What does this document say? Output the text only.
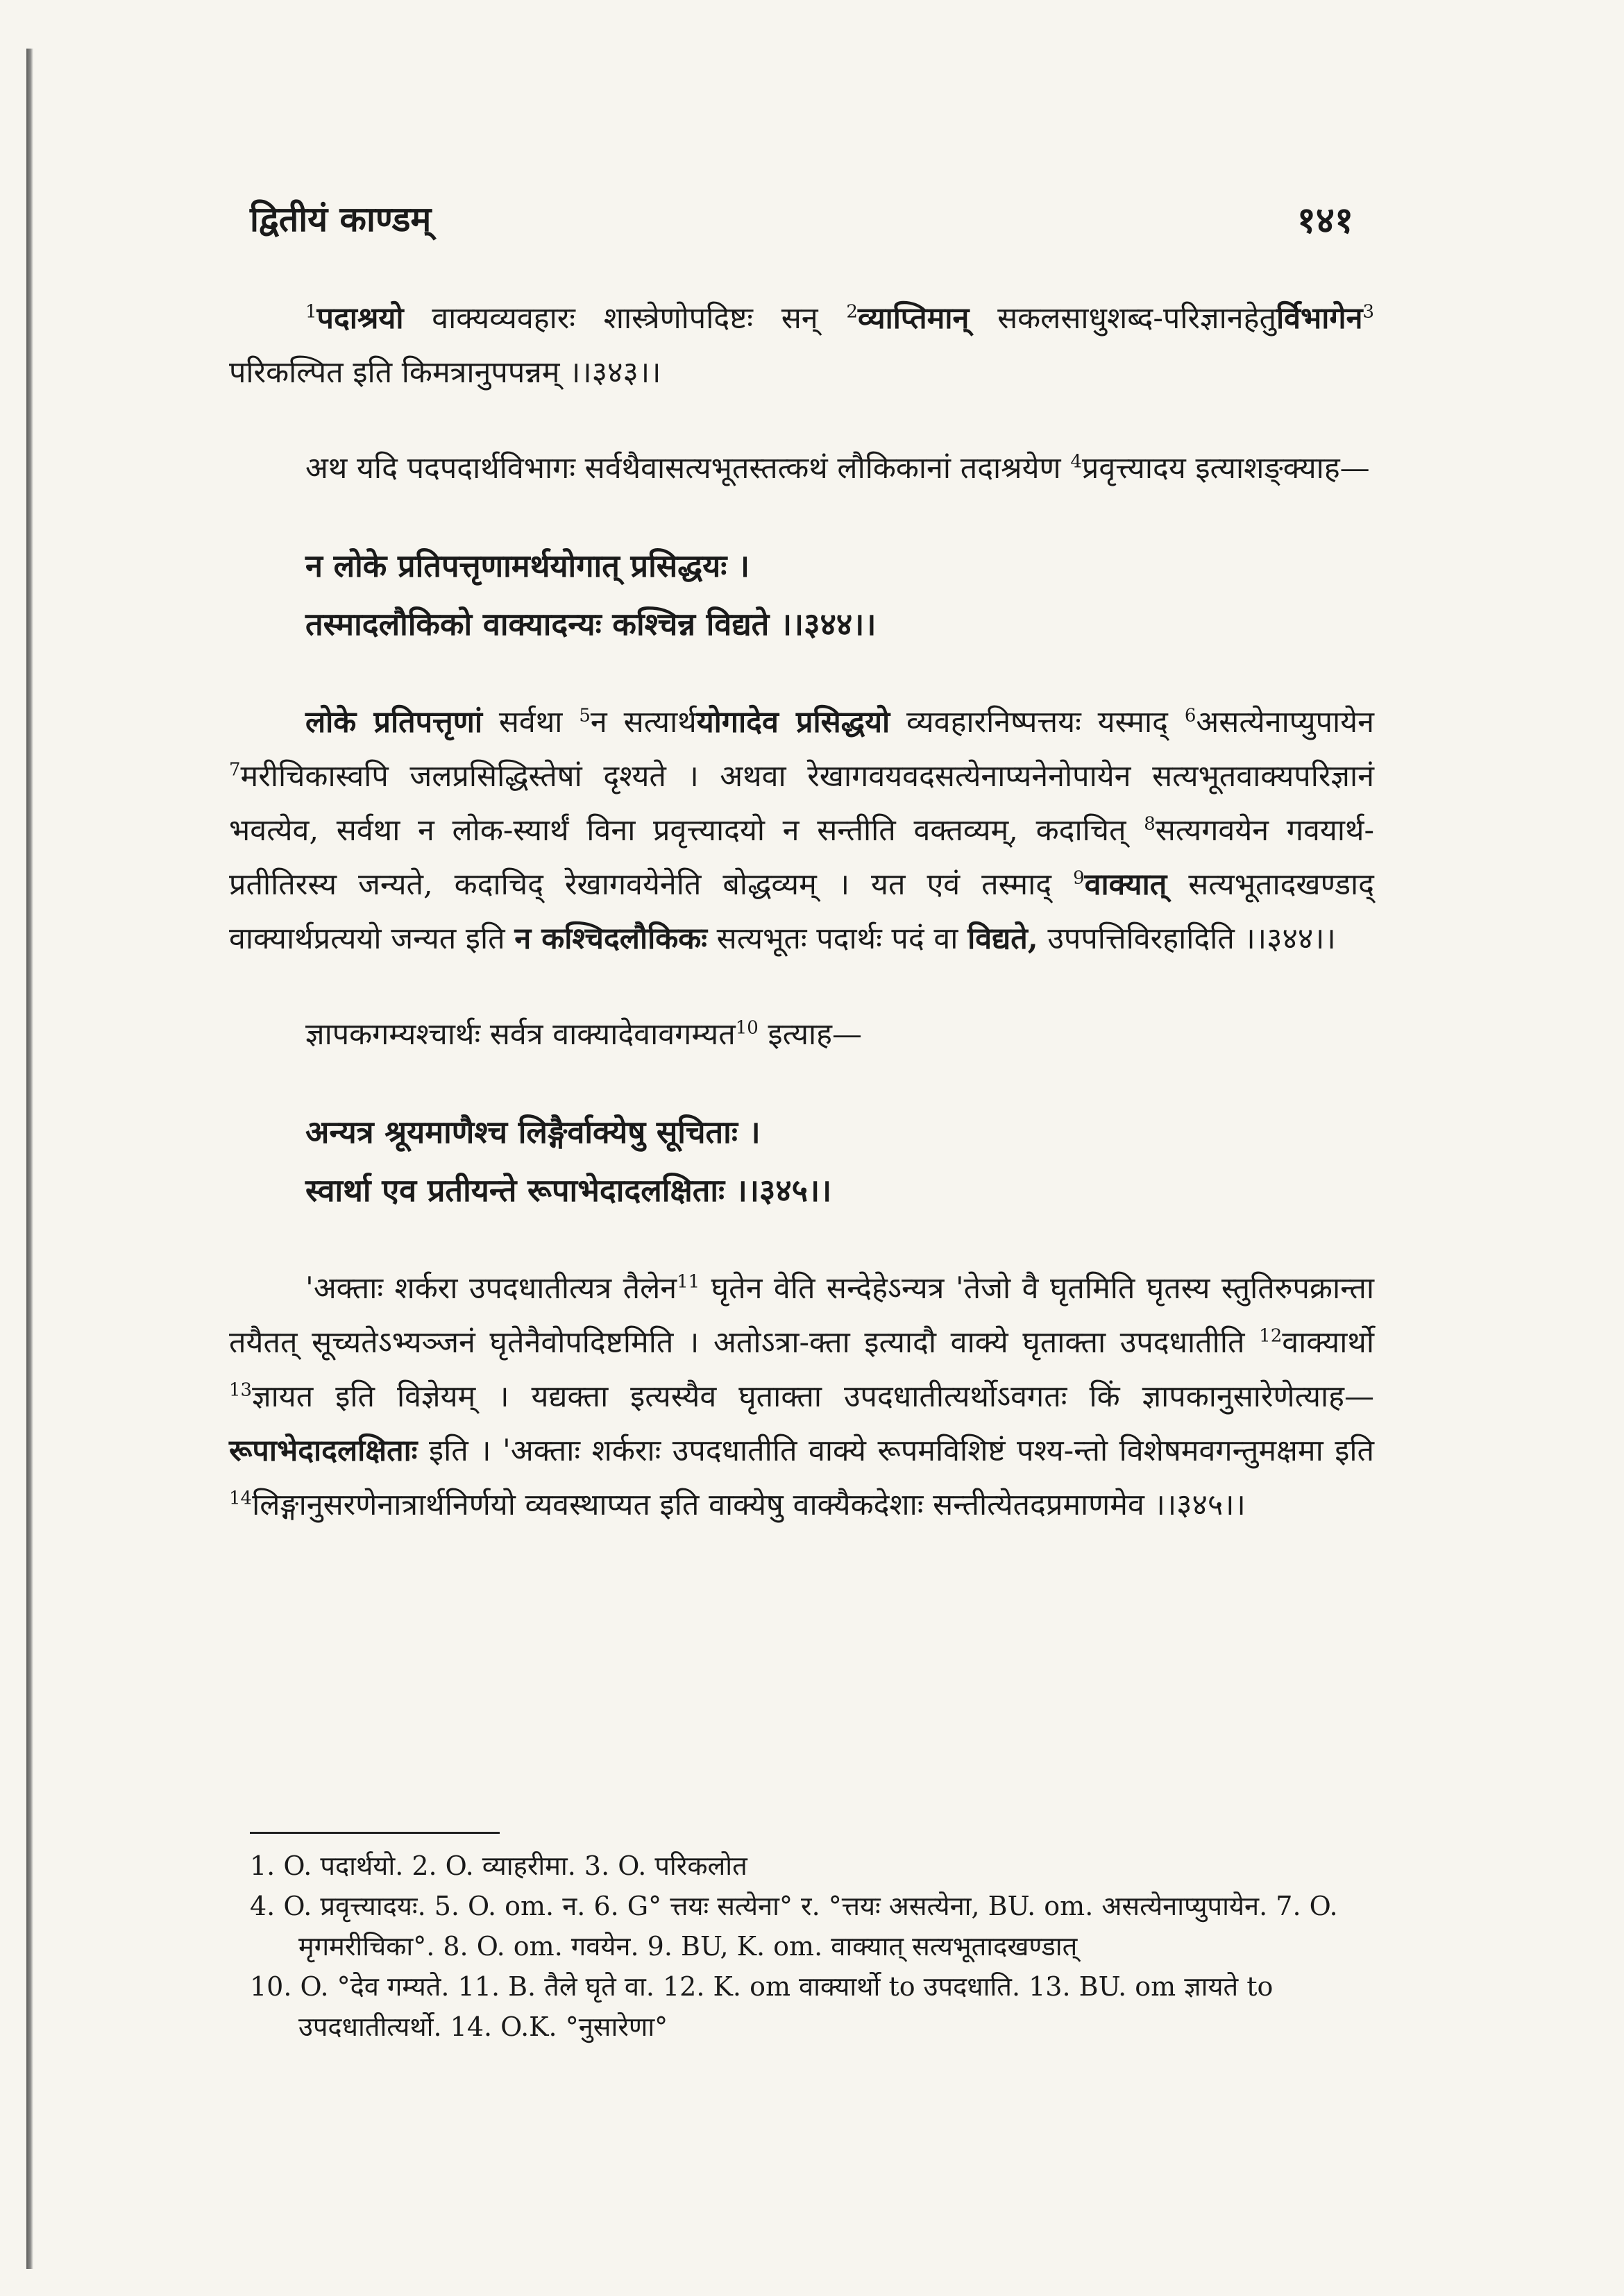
द्वितीयं काण्डम्	१४१

$^1$पदाश्रयो वाक्यव्यवहारः शास्त्रेणोपदिष्टः सन् $^2$व्याप्तिमान् सकलसाधुशब्द-परिज्ञानहेतुर्विभागेन$^3$ परिकल्पित इति किमत्रानुपपन्नम् ।।३४३।।

अथ यदि पदपदार्थविभागः सर्वथैवासत्यभूतस्तत्कथं लौकिकानां तदाश्रयेण $^4$प्रवृत्त्यादय इत्याशङ्क्याह—

न लोके प्रतिपत्तृणामर्थयोगात् प्रसिद्धयः ।
तस्मादलौकिको वाक्यादन्यः कश्चिन्न विद्यते ।।३४४।।

लोके प्रतिपत्तृणां सर्वथा $^5$न सत्यार्थयोगादेव प्रसिद्धयो व्यवहारनिष्पत्तयः यस्माद् $^6$असत्येनाप्युपायेन $^7$मरीचिकास्वपि जलप्रसिद्धिस्तेषां दृश्यते । अथवा रेखागवयवदसत्येनाप्यनेनोपायेन सत्यभूतवाक्यपरिज्ञानं भवत्येव, सर्वथा न लोक-स्यार्थं विना प्रवृत्त्यादयो न सन्तीति वक्तव्यम्, कदाचित् $^8$सत्यगवयेन गवयार्थ-प्रतीतिरस्य जन्यते, कदाचिद् रेखागवयेनेति बोद्धव्यम् । यत एवं तस्माद् $^9$वाक्यात् सत्यभूतादखण्डाद् वाक्यार्थप्रत्ययो जन्यत इति न कश्चिदलौकिकः सत्यभूतः पदार्थः पदं वा विद्यते, उपपत्तिविरहादिति ।।३४४।।

ज्ञापकगम्यश्चार्थः सर्वत्र वाक्यादेवावगम्यत$^{10}$ इत्याह—

अन्यत्र श्रूयमाणैश्च लिङ्गैर्वाक्येषु सूचिताः ।
स्वार्था एव प्रतीयन्ते रूपाभेदादलक्षिताः ।।३४५।।

'अक्ताः शर्करा उपदधातीत्यत्र तैलेन$^{11}$ घृतेन वेति सन्देहेऽन्यत्र 'तेजो वै घृतमिति घृतस्य स्तुतिरुपक्रान्ता तयैतत् सूच्यतेऽभ्यञ्जनं घृतेनैवोपदिष्टमिति । अतोऽत्रा-क्ता इत्यादौ वाक्ये घृताक्ता उपदधातीति $^{12}$वाक्यार्थो $^{13}$ज्ञायत इति विज्ञेयम् । यद्यक्ता इत्यस्यैव घृताक्ता उपदधातीत्यर्थोऽवगतः किं ज्ञापकानुसारेणेत्याह—रूपाभेदादलक्षिताः इति । 'अक्ताः शर्कराः उपदधातीति वाक्ये रूपमविशिष्टं पश्य-न्तो विशेषमवगन्तुमक्षमा इति $^{14}$लिङ्गानुसरणेनात्रार्थनिर्णयो व्यवस्थाप्यत इति वाक्येषु वाक्यैकदेशाः सन्तीत्येतदप्रमाणमेव ।।३४५।।

1. O. पदार्थयो. 2. O. व्याहरीमा. 3. O. परिकलोत

4. O. प्रवृत्त्यादयः. 5. O. om. न. 6. G° त्तयः सत्येना° र. °त्तयः असत्येना, BU. om. असत्येनाप्युपायेन. 7. O. मृगमरीचिका°. 8. O. om. गवयेन. 9. BU, K. om. वाक्यात् सत्यभूतादखण्डात्

10. O. °देव गम्यते. 11. B. तैले घृते वा. 12. K. om वाक्यार्थो to उपदधाति. 13. BU. om ज्ञायते to उपदधातीत्यर्थो. 14. O.K. °नुसारेणा°
